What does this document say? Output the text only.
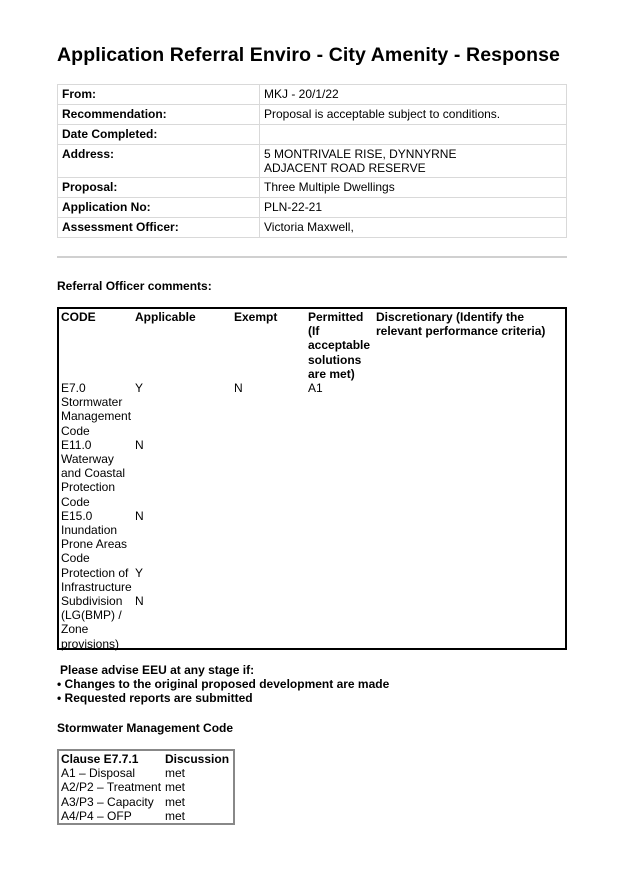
Application Referral Enviro - City Amenity - Response
From:	MKJ - 20/1/22
Recommendation:	Proposal is acceptable subject to conditions.
Date Completed:	
Address:	5 MONTRIVALE RISE, DYNNYRNE
ADJACENT ROAD RESERVE

Proposal:	Three Multiple Dwellings
Application No:	PLN-22-21
Assessment Officer:	Victoria Maxwell,
Referral Officer comments:
CODE	Applicable	Exempt	Permitted (If acceptable solutions are met)	Discretionary (Identify the relevant performance criteria)
E7.0 Stormwater Management Code	Y	N	A1	
E11.0 Waterway and Coastal Protection Code	N			
E15.0 Inundation Prone Areas Code	N			
Protection of Infrastructure	Y			
Subdivision (LG(BMP) / Zone provisions)	N			
Please advise EEU at any stage if:
• Changes to the original proposed development are made
• Requested reports are submitted
Stormwater Management Code
Clause E7.7.1	Discussion
A1 – Disposal	met
A2/P2 – Treatment	met
A3/P3 – Capacity	met
A4/P4 – OFP	met
